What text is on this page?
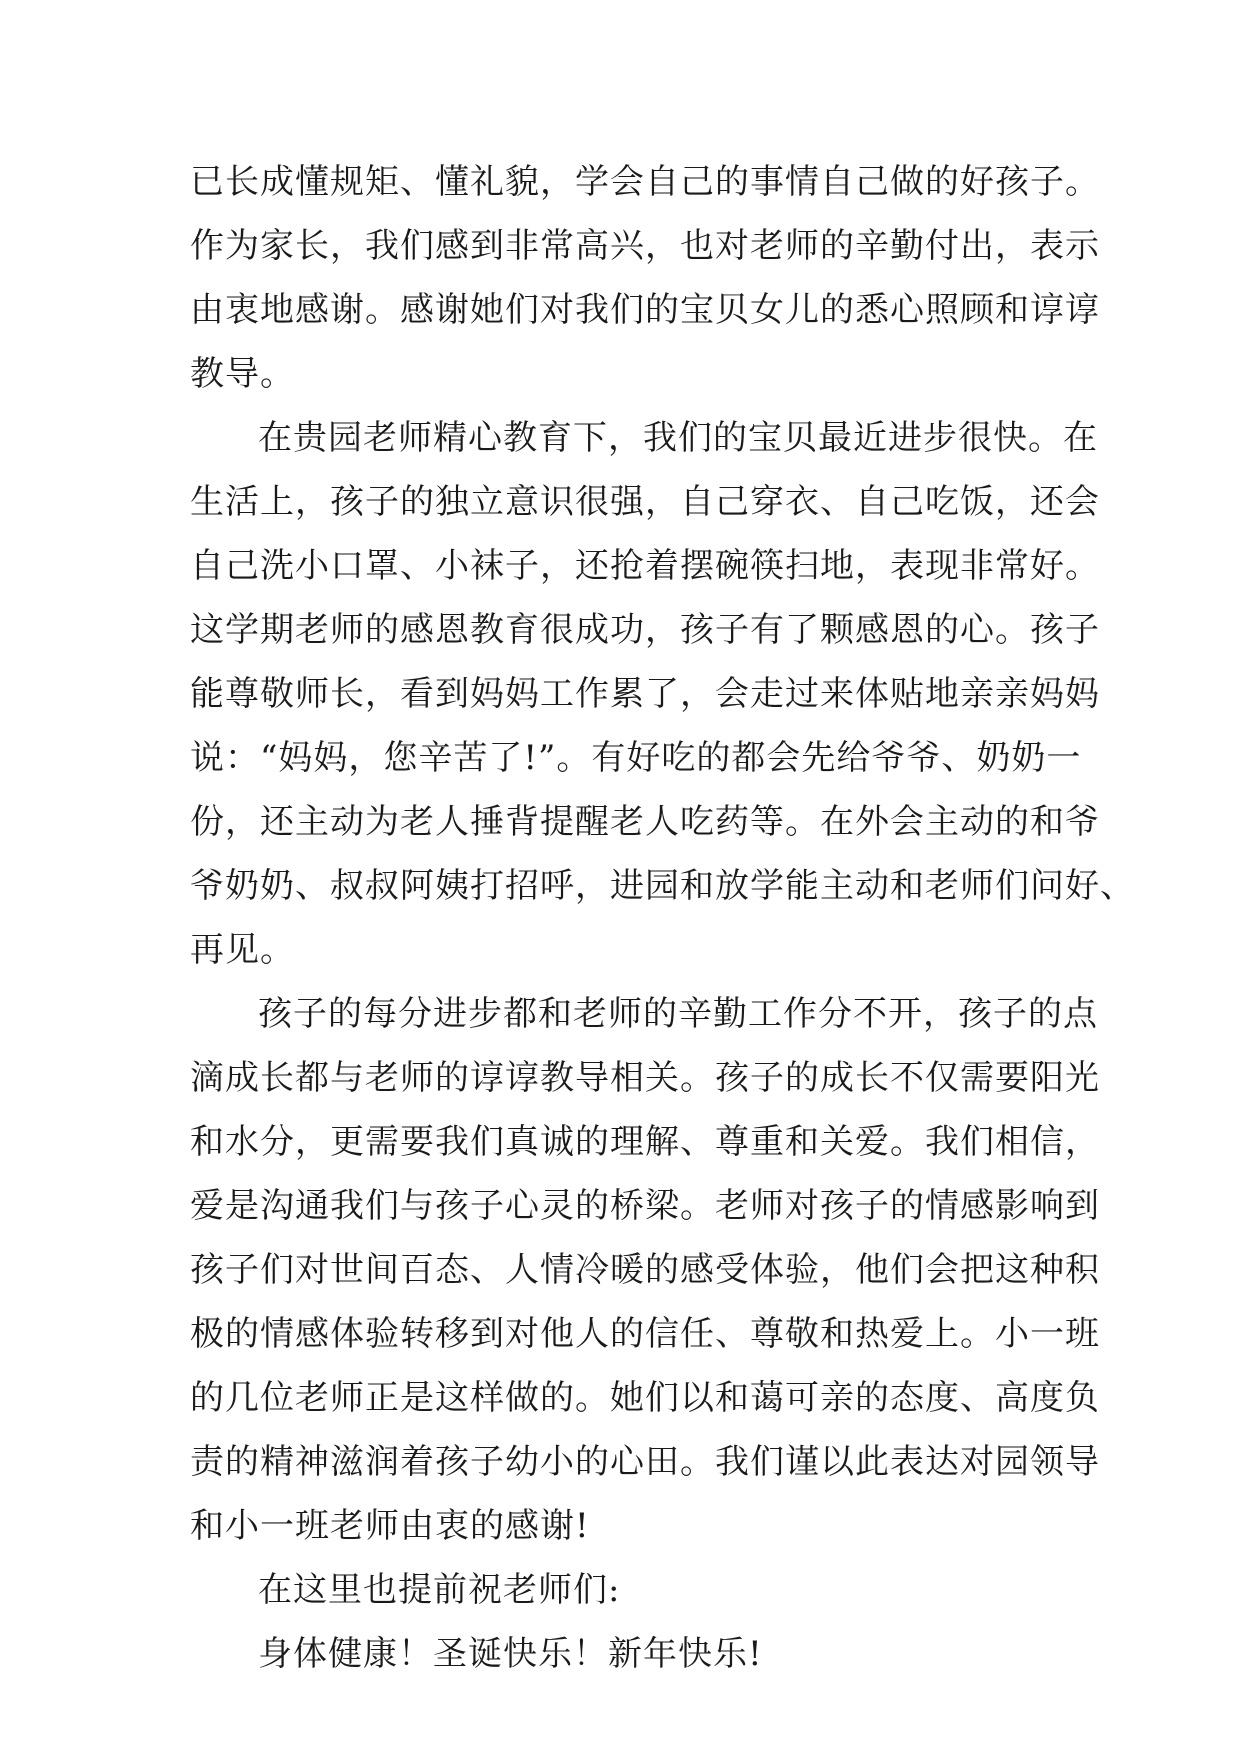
已长成懂规矩、懂礼貌，学会自己的事情自己做的好孩子。
作为家长，我们感到非常高兴，也对老师的辛勤付出，表示
由衷地感谢。感谢她们对我们的宝贝女儿的悉心照顾和谆谆
教导。
在贵园老师精心教育下，我们的宝贝最近进步很快。在
生活上，孩子的独立意识很强，自己穿衣、自己吃饭，还会
自己洗小口罩、小袜子，还抢着摆碗筷扫地，表现非常好。
这学期老师的感恩教育很成功，孩子有了颗感恩的心。孩子
能尊敬师长，看到妈妈工作累了，会走过来体贴地亲亲妈妈
说：“妈妈，您辛苦了!”。有好吃的都会先给爷爷、奶奶一
份，还主动为老人捶背提醒老人吃药等。在外会主动的和爷
爷奶奶、叔叔阿姨打招呼，进园和放学能主动和老师们问好、
再见。
孩子的每分进步都和老师的辛勤工作分不开，孩子的点
滴成长都与老师的谆谆教导相关。孩子的成长不仅需要阳光
和水分，更需要我们真诚的理解、尊重和关爱。我们相信，
爱是沟通我们与孩子心灵的桥梁。老师对孩子的情感影响到
孩子们对世间百态、人情冷暖的感受体验，他们会把这种积
极的情感体验转移到对他人的信任、尊敬和热爱上。小一班
的几位老师正是这样做的。她们以和蔼可亲的态度、高度负
责的精神滋润着孩子幼小的心田。我们谨以此表达对园领导
和小一班老师由衷的感谢!
在这里也提前祝老师们:
身体健康！圣诞快乐！新年快乐!
